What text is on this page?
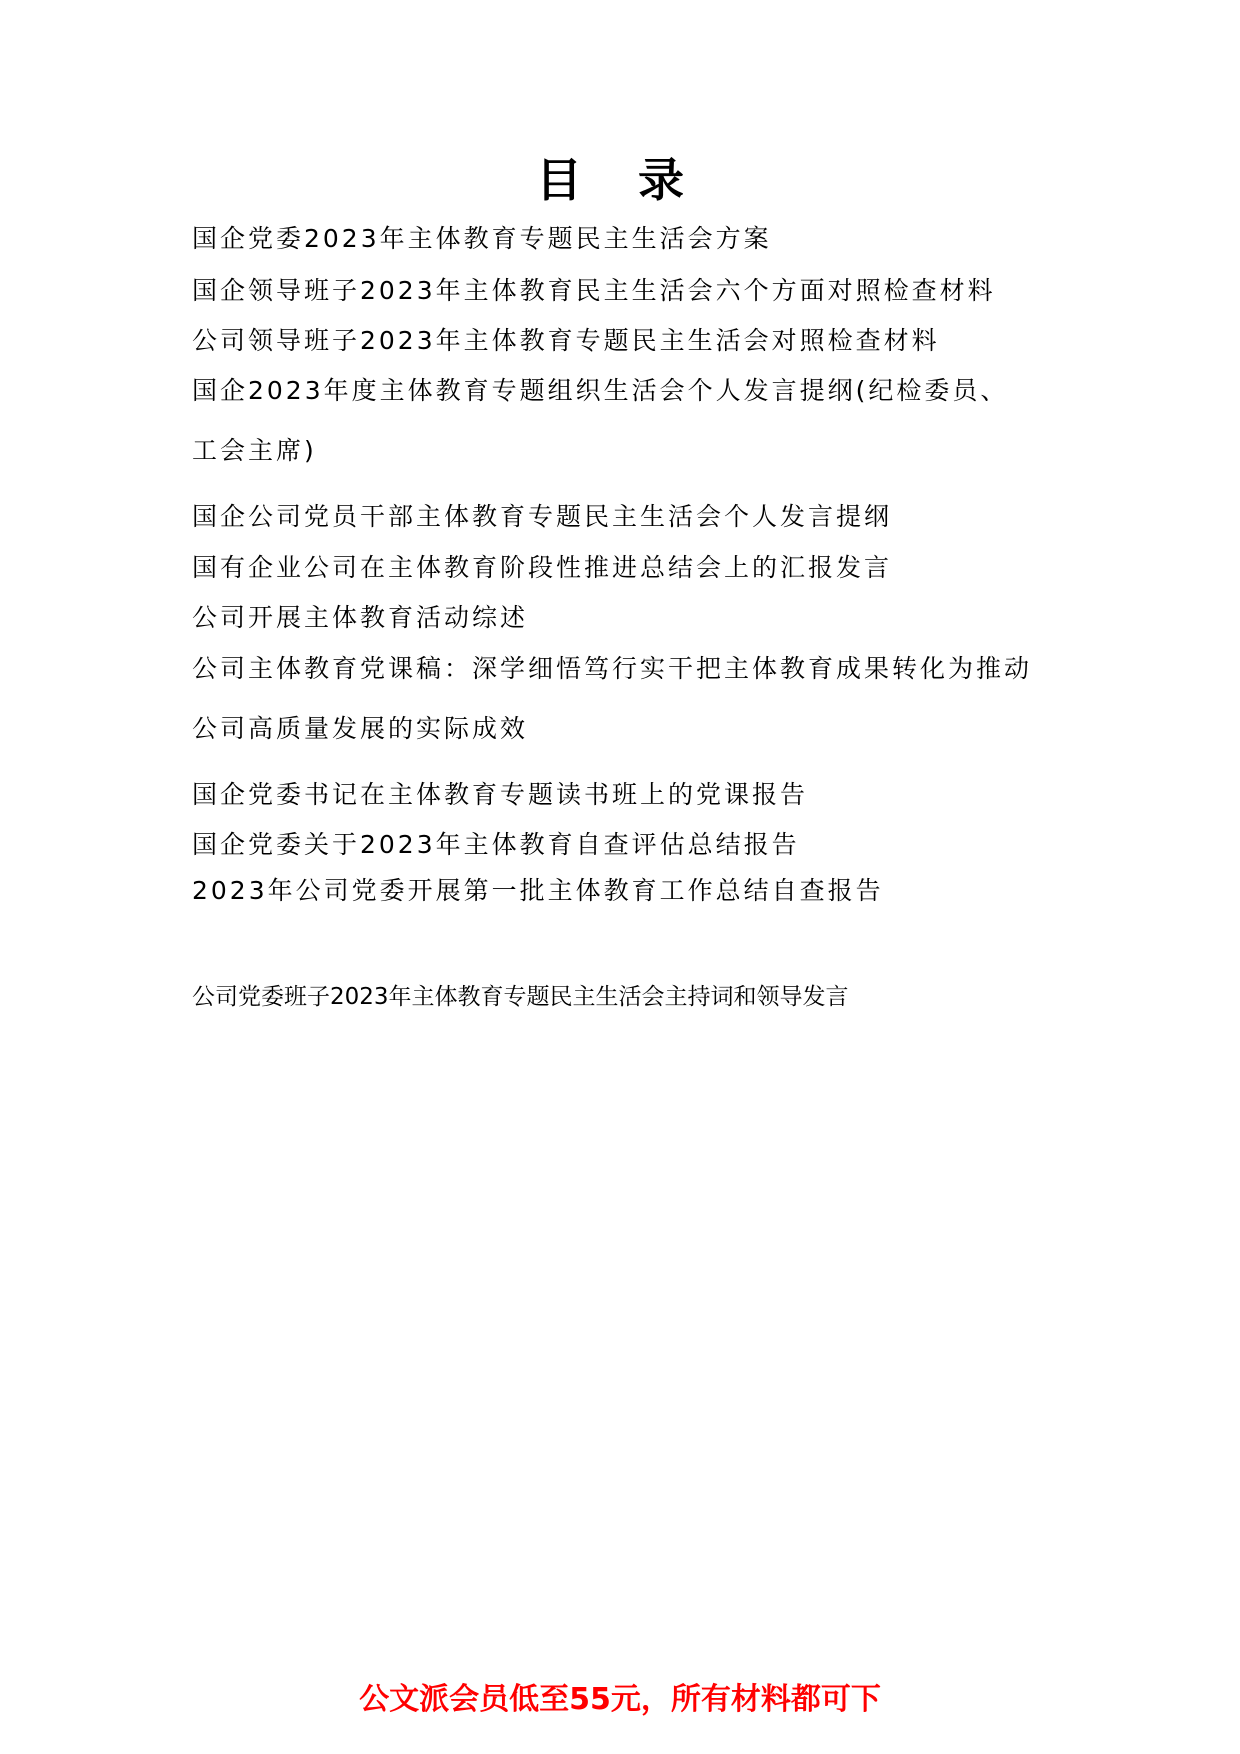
目 录
国企党委2023年主体教育专题民主生活会方案
国企领导班子2023年主体教育民主生活会六个方面对照检查材料
公司领导班子2023年主体教育专题民主生活会对照检查材料
国企2023年度主体教育专题组织生活会个人发言提纲(纪检委员、
工会主席)
国企公司党员干部主体教育专题民主生活会个人发言提纲
国有企业公司在主体教育阶段性推进总结会上的汇报发言
公司开展主体教育活动综述
公司主体教育党课稿：深学细悟笃行实干把主体教育成果转化为推动
公司高质量发展的实际成效
国企党委书记在主体教育专题读书班上的党课报告
国企党委关于2023年主体教育自查评估总结报告
2023年公司党委开展第一批主体教育工作总结自查报告
公司党委班子2023年主体教育专题民主生活会主持词和领导发言
公文派会员低至55元，所有材料都可下
